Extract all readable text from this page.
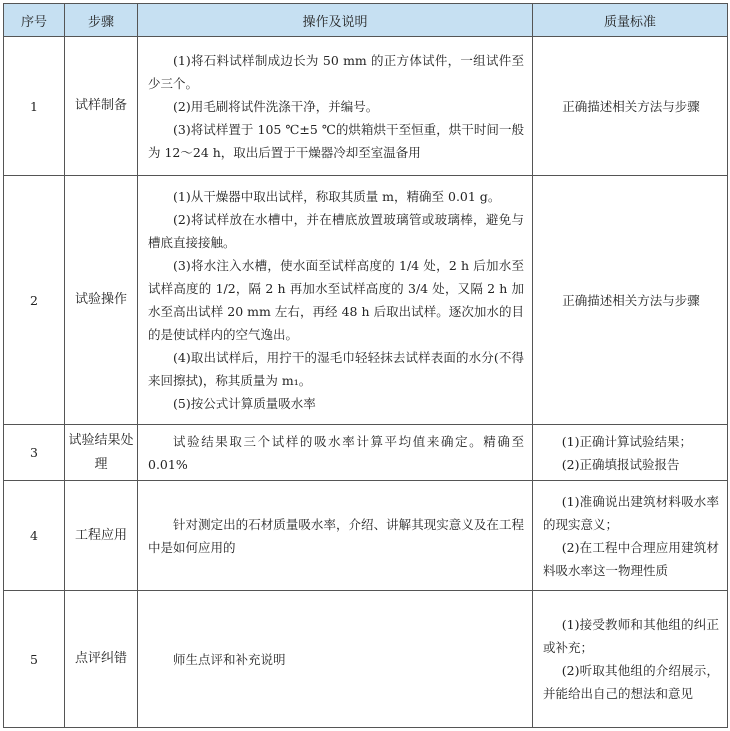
序号	步骤	操作及说明	质量标准
1	试样制备	(1)将石料试样制成边长为 50 mm 的正方体试件，一组试件至少三个。
(2)用毛刷将试件洗涤干净，并编号。
(3)将试样置于 105 ℃±5 ℃的烘箱烘干至恒重，烘干时间一般为 12～24 h，取出后置于干燥器冷却至室温备用	正确描述相关方法与步骤

2	试验操作	(1)从干燥器中取出试样，称取其质量 m，精确至 0.01 g。
(2)将试样放在水槽中，并在槽底放置玻璃管或玻璃棒，避免与槽底直接接触。
(3)将水注入水槽，使水面至试样高度的 1/4 处，2 h 后加水至试样高度的 1/2，隔 2 h 再加水至试样高度的 3/4 处，又隔 2 h 加水至高出试样 20 mm 左右，再经 48 h 后取出试样。逐次加水的目的是使试样内的空气逸出。
(4)取出试样后，用拧干的湿毛巾轻轻抹去试样表面的水分(不得来回擦拭)，称其质量为 m₁。
(5)按公式计算质量吸水率	正确描述相关方法与步骤

3	试验结果处理	试验结果取三个试样的吸水率计算平均值来确定。精确至 0.01%	(1)正确计算试验结果；
(2)正确填报试验报告

4	工程应用	针对测定出的石材质量吸水率，介绍、讲解其现实意义及在工程中是如何应用的	(1)准确说出建筑材料吸水率的现实意义；
(2)在工程中合理应用建筑材料吸水率这一物理性质

5	点评纠错	师生点评和补充说明	(1)接受教师和其他组的纠正或补充；
(2)听取其他组的介绍展示，并能给出自己的想法和意见
